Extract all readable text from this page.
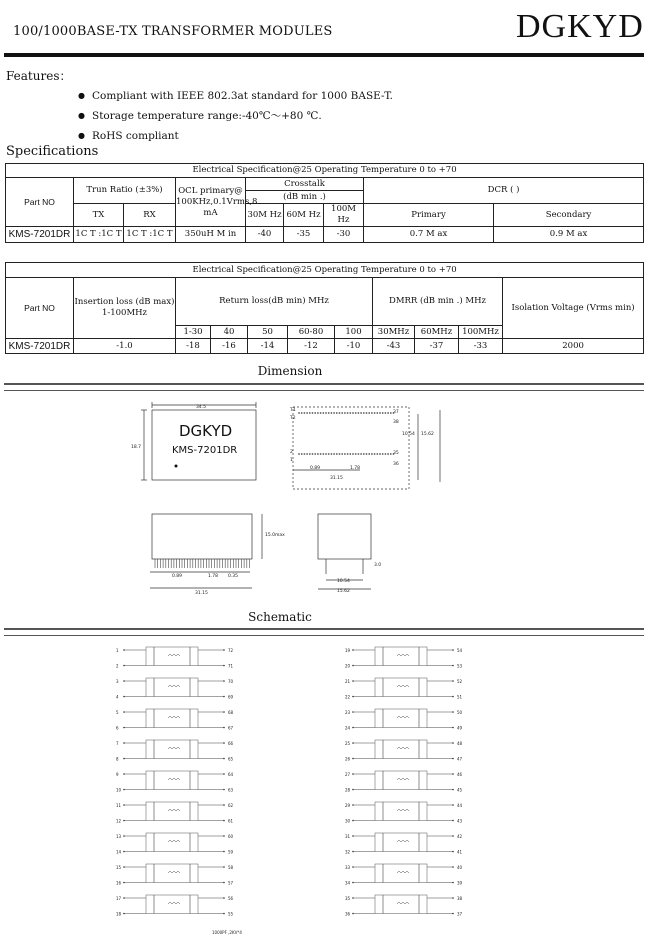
100/1000BASE-TX TRANSFORMER MODULES	DGKYD
Features：
● Compliant with IEEE 802.3at standard for 1000 BASE-T.
● Storage temperature range:-40℃～+80 ℃.
● RoHS compliant
Specifications
Electrical Specification@25 Operating Temperature 0 to +70								
Part NO	Trun Ratio (±3%)		OCL primary@ 100KHz,0.1Vrms,8 mA	Crosstalk			DCR ( )	
				(dB min .)				
	TX	RX		30M Hz	60M Hz	100M Hz	Primary	Secondary
KMS-7201DR	1C T :1C T	1C T :1C T	350uH M in	-40	-35	-30	0.7 M ax	0.9 M ax
Electrical Specification@25 Operating Temperature 0 to +70										
Part NO	Insertion loss (dB max) 1-100MHz	Return loss(dB min) MHz					DMRR (dB min .) MHz			Isolation Voltage (Vrms min)
		1-30	40	50	60-80	100	30MHz	60MHz	100MHz	
KMS-7201DR	-1.0	-18	-16	-14	-12	-10	-43	-37	-33	2000
Dimension
34.5
18.7
T1
T2
37
38
2
1
35
36
10.54 15.62
0.89	1.78
31.15
15.0max
0.89	1.78 0.35
31.15
3.0
10.54
15.62
DGKYD
KMS-7201DR
Schematic
1	72
2	71
3	70
4	69
5	68
6	67
7	66
8	65
9	64
10	63
11	62
12	61
13	60
14	59
15	58
16	57
17	56
18	55
19	54
20	53
21	52
22	51
23	50
24	49
25	48
26	47
27	46
28	45
29	44
30	43
31	42
32	41
33	40
34	39
35	38
36	37
1000PF ,2KV*4
